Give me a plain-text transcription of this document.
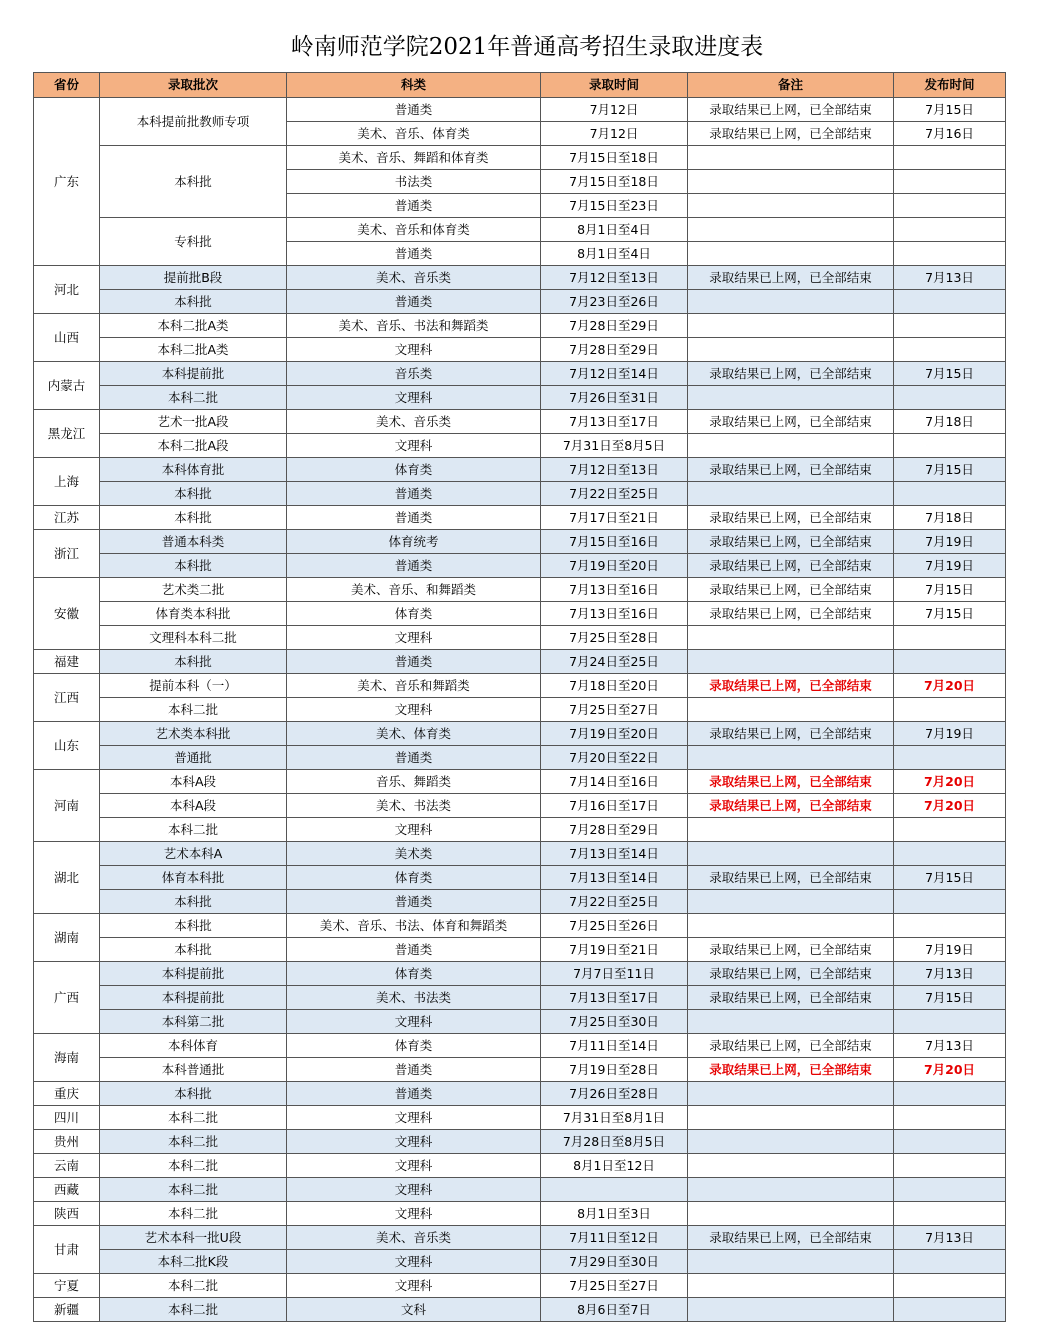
岭南师范学院2021年普通高考招生录取进度表
省份	录取批次	科类	录取时间	备注	发布时间
广东	本科提前批教师专项	普通类	7月12日	录取结果已上网，已全部结束	7月15日
		美术、音乐、体育类	7月12日	录取结果已上网，已全部结束	7月16日
	本科批	美术、音乐、舞蹈和体育类	7月15日至18日		
		书法类	7月15日至18日		
		普通类	7月15日至23日		
	专科批	美术、音乐和体育类	8月1日至4日		
		普通类	8月1日至4日		
河北	提前批B段	美术、音乐类	7月12日至13日	录取结果已上网，已全部结束	7月13日
	本科批	普通类	7月23日至26日		
山西	本科二批A类	美术、音乐、书法和舞蹈类	7月28日至29日		
	本科二批A类	文理科	7月28日至29日		
内蒙古	本科提前批	音乐类	7月12日至14日	录取结果已上网，已全部结束	7月15日
	本科二批	文理科	7月26日至31日		
黑龙江	艺术一批A段	美术、音乐类	7月13日至17日	录取结果已上网，已全部结束	7月18日
	本科二批A段	文理科	7月31日至8月5日		
上海	本科体育批	体育类	7月12日至13日	录取结果已上网，已全部结束	7月15日
	本科批	普通类	7月22日至25日		
江苏	本科批	普通类	7月17日至21日	录取结果已上网，已全部结束	7月18日
浙江	普通本科类	体育统考	7月15日至16日	录取结果已上网，已全部结束	7月19日
	本科批	普通类	7月19日至20日	录取结果已上网，已全部结束	7月19日
安徽	艺术类二批	美术、音乐、和舞蹈类	7月13日至16日	录取结果已上网，已全部结束	7月15日
	体育类本科批	体育类	7月13日至16日	录取结果已上网，已全部结束	7月15日
	文理科本科二批	文理科	7月25日至28日		
福建	本科批	普通类	7月24日至25日		
江西	提前本科（一）	美术、音乐和舞蹈类	7月18日至20日	录取结果已上网，已全部结束	7月20日
	本科二批	文理科	7月25日至27日		
山东	艺术类本科批	美术、体育类	7月19日至20日	录取结果已上网，已全部结束	7月19日
	普通批	普通类	7月20日至22日		
河南	本科A段	音乐、舞蹈类	7月14日至16日	录取结果已上网，已全部结束	7月20日
	本科A段	美术、书法类	7月16日至17日	录取结果已上网，已全部结束	7月20日
	本科二批	文理科	7月28日至29日		
湖北	艺术本科A	美术类	7月13日至14日		
	体育本科批	体育类	7月13日至14日	录取结果已上网，已全部结束	7月15日
	本科批	普通类	7月22日至25日		
湖南	本科批	美术、音乐、书法、体育和舞蹈类	7月25日至26日		
	本科批	普通类	7月19日至21日	录取结果已上网，已全部结束	7月19日
广西	本科提前批	体育类	7月7日至11日	录取结果已上网，已全部结束	7月13日
	本科提前批	美术、书法类	7月13日至17日	录取结果已上网，已全部结束	7月15日
	本科第二批	文理科	7月25日至30日		
海南	本科体育	体育类	7月11日至14日	录取结果已上网，已全部结束	7月13日
	本科普通批	普通类	7月19日至28日	录取结果已上网，已全部结束	7月20日
重庆	本科批	普通类	7月26日至28日		
四川	本科二批	文理科	7月31日至8月1日		
贵州	本科二批	文理科	7月28日至8月5日		
云南	本科二批	文理科	8月1日至12日		
西藏	本科二批	文理科			
陕西	本科二批	文理科	8月1日至3日		
甘肃	艺术本科一批U段	美术、音乐类	7月11日至12日	录取结果已上网，已全部结束	7月13日
	本科二批K段	文理科	7月29日至30日		
宁夏	本科二批	文理科	7月25日至27日		
新疆	本科二批	文科	8月6日至7日		
